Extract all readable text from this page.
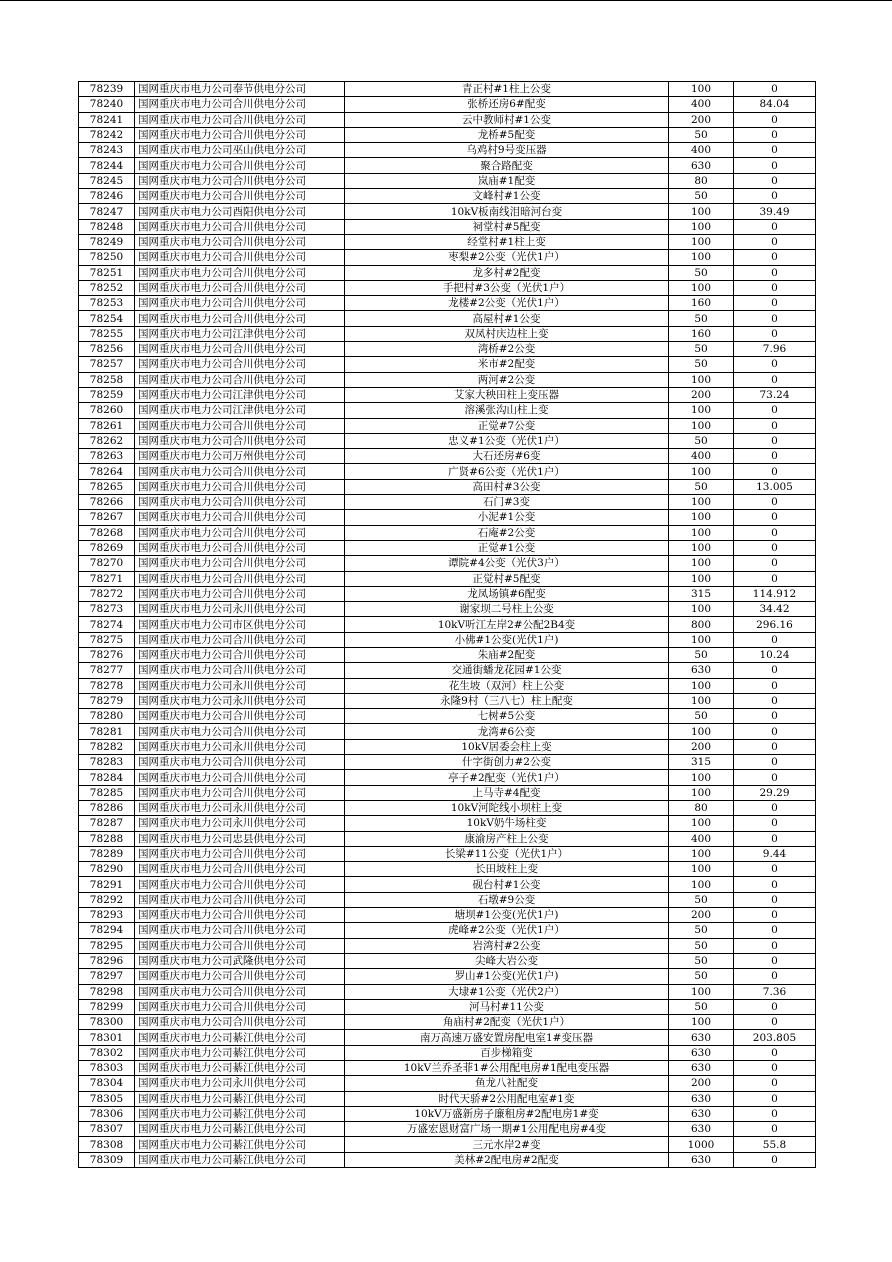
78239	国网重庆市电力公司奉节供电分公司	青正村#1柱上公变	100	0
78240	国网重庆市电力公司合川供电分公司	张桥还房6#配变	400	84.04
78241	国网重庆市电力公司合川供电分公司	云中教师村#1公变	200	0
78242	国网重庆市电力公司合川供电分公司	龙桥#5配变	50	0
78243	国网重庆市电力公司巫山供电分公司	乌鸡村9号变压器	400	0
78244	国网重庆市电力公司合川供电分公司	聚合路配变	630	0
78245	国网重庆市电力公司合川供电分公司	岚庙#1配变	80	0
78246	国网重庆市电力公司合川供电分公司	文峰村#1公变	50	0
78247	国网重庆市电力公司酉阳供电分公司	10kV板南线泪暗河台变	100	39.49
78248	国网重庆市电力公司合川供电分公司	祠堂村#5配变	100	0
78249	国网重庆市电力公司合川供电分公司	经堂村#1柱上变	100	0
78250	国网重庆市电力公司合川供电分公司	枣梨#2公变（光伏1户）	100	0
78251	国网重庆市电力公司合川供电分公司	龙多村#2配变	50	0
78252	国网重庆市电力公司合川供电分公司	手把村#3公变（光伏1户）	100	0
78253	国网重庆市电力公司合川供电分公司	龙楼#2公变（光伏1户）	160	0
78254	国网重庆市电力公司合川供电分公司	高屋村#1公变	50	0
78255	国网重庆市电力公司江津供电分公司	双凤村庆边柱上变	160	0
78256	国网重庆市电力公司合川供电分公司	湾桥#2公变	50	7.96
78257	国网重庆市电力公司合川供电分公司	米市#2配变	50	0
78258	国网重庆市电力公司合川供电分公司	两河#2公变	100	0
78259	国网重庆市电力公司江津供电分公司	艾家大秧田柱上变压器	200	73.24
78260	国网重庆市电力公司江津供电分公司	溶溪张沟山柱上变	100	0
78261	国网重庆市电力公司合川供电分公司	正觉#7公变	100	0
78262	国网重庆市电力公司合川供电分公司	忠义#1公变（光伏1户）	50	0
78263	国网重庆市电力公司万州供电分公司	大石还房#6变	400	0
78264	国网重庆市电力公司合川供电分公司	广贤#6公变（光伏1户）	100	0
78265	国网重庆市电力公司合川供电分公司	高田村#3公变	50	13.005
78266	国网重庆市电力公司合川供电分公司	石门#3变	100	0
78267	国网重庆市电力公司合川供电分公司	小泥#1公变	100	0
78268	国网重庆市电力公司合川供电分公司	石庵#2公变	100	0
78269	国网重庆市电力公司合川供电分公司	正觉#1公变	100	0
78270	国网重庆市电力公司合川供电分公司	谭院#4公变（光伏3户）	100	0
78271	国网重庆市电力公司合川供电分公司	正觉村#5配变	100	0
78272	国网重庆市电力公司合川供电分公司	龙凤场镇#6配变	315	114.912
78273	国网重庆市电力公司永川供电分公司	谢家坝二号柱上公变	100	34.42
78274	国网重庆市电力公司市区供电分公司	10kV听江左岸2#公配2B4变	800	296.16
78275	国网重庆市电力公司合川供电分公司	小佛#1公变(光伏1户)	100	0
78276	国网重庆市电力公司合川供电分公司	朱庙#2配变	50	10.24
78277	国网重庆市电力公司合川供电分公司	交通街蟠龙花园#1公变	630	0
78278	国网重庆市电力公司永川供电分公司	花生坡（双河）柱上公变	100	0
78279	国网重庆市电力公司永川供电分公司	永隆9村（三八七）柱上配变	100	0
78280	国网重庆市电力公司合川供电分公司	七树#5公变	50	0
78281	国网重庆市电力公司合川供电分公司	龙湾#6公变	100	0
78282	国网重庆市电力公司永川供电分公司	10kV居委会柱上变	200	0
78283	国网重庆市电力公司合川供电分公司	什字街创力#2公变	315	0
78284	国网重庆市电力公司合川供电分公司	亭子#2配变（光伏1户）	100	0
78285	国网重庆市电力公司合川供电分公司	上马寺#4配变	100	29.29
78286	国网重庆市电力公司永川供电分公司	10kV河陀线小坝柱上变	80	0
78287	国网重庆市电力公司永川供电分公司	10kV奶牛场柱变	100	0
78288	国网重庆市电力公司忠县供电分公司	康渝房产柱上公变	400	0
78289	国网重庆市电力公司合川供电分公司	长梁#11公变（光伏1户）	100	9.44
78290	国网重庆市电力公司合川供电分公司	长田坡柱上变	100	0
78291	国网重庆市电力公司合川供电分公司	砚台村#1公变	100	0
78292	国网重庆市电力公司合川供电分公司	石墩#9公变	50	0
78293	国网重庆市电力公司合川供电分公司	塘坝#1公变(光伏1户)	200	0
78294	国网重庆市电力公司合川供电分公司	虎峰#2公变（光伏1户）	50	0
78295	国网重庆市电力公司合川供电分公司	岩湾村#2公变	50	0
78296	国网重庆市电力公司武隆供电分公司	尖峰大岩公变	50	0
78297	国网重庆市电力公司合川供电分公司	罗山#1公变(光伏1户)	50	0
78298	国网重庆市电力公司合川供电分公司	大埭#1公变（光伏2户）	100	7.36
78299	国网重庆市电力公司合川供电分公司	河马村#11公变	50	0
78300	国网重庆市电力公司合川供电分公司	角庙村#2配变（光伏1户）	100	0
78301	国网重庆市电力公司綦江供电分公司	南万高速万盛安置房配电室1#变压器	630	203.805
78302	国网重庆市电力公司綦江供电分公司	百步梯箱变	630	0
78303	国网重庆市电力公司綦江供电分公司	10kV兰乔圣菲1#公用配电房#1配电变压器	630	0
78304	国网重庆市电力公司永川供电分公司	鱼龙八社配变	200	0
78305	国网重庆市电力公司綦江供电分公司	时代天骄#2公用配电室#1变	630	0
78306	国网重庆市电力公司綦江供电分公司	10kV万盛新房子廉租房#2配电房1#变	630	0
78307	国网重庆市电力公司綦江供电分公司	万盛宏恩财富广场一期#1公用配电房#4变	630	0
78308	国网重庆市电力公司綦江供电分公司	三元水岸2#变	1000	55.8
78309	国网重庆市电力公司綦江供电分公司	美林#2配电房#2配变	630	0
